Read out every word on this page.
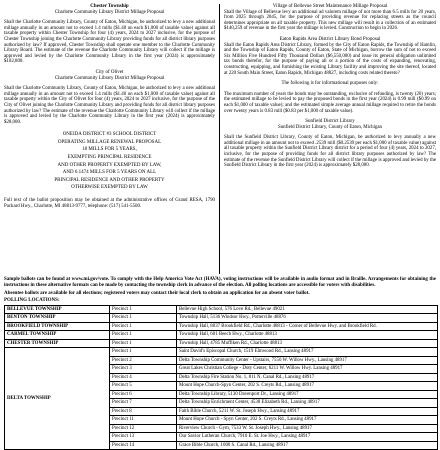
Chester Township

Charlotte Community Library District Millage Proposal

Shall the Charlotte Community Library, County of Eaton, Michigan, be authorized to levy a new additional millage annually in an amount not to exceed 1.4 mills ($1.40 on each $1,000 of taxable value) against all taxable property within Chester Township for four (4) years, 2024 to 2027 inclusive, for the purpose of Chester Township joining the Charlotte Community Library providing funds for all district library purposes authorized by law? If approved, Chester Township shall operate one member to the Charlotte Community Library Board. The estimate of the revenue the Charlotte Community Library will collect if the millage is approved and levied by the Charlotte Community Library in the first year (2024) is approximately $102,800.

City of Olivet

Charlotte Community Library District Millage Proposal

Shall the Charlotte Community Library, County of Eaton, Michigan, be authorized to levy a new additional millage annually in an amount not to exceed 1.4 mills ($1.40 on each $1,000 of taxable value) against all taxable property within the City of Olivet for four (4) years, 2024 to 2027 inclusive, for the purpose of the City of Olivet joining the Charlotte Community Library and providing funds for all district library purposes authorized by law? The estimate of the revenue the Charlotte Community Library will collect if the millage is approved and levied by the Charlotte Community Library in the first year (2024) is approximately $28,000.

ONEIDA DISTRICT #3 SCHOOL DISTRICT
OPERATING MILLAGE RENEWAL PROPOSAL
18 MILLS FOR 5 YEARS,
EXEMPTING PRINCIPAL RESIDENCE
AND OTHER PROPERTY EXEMPTED BY LAW,
AND 6.1474 MILLS FOR 5 YEARS ON ALL
PRINCIPAL RESIDENCE AND OTHER PROPERTY
OTHERWISE EXEMPTED BY LAW

Full text of the ballot proposition may be obtained at the administrative offices of Grand RESA, 1790 Packard Hwy., Charlotte, MI 48813-9777, telephone: (517) 541-5500.

Village of Bellevue Street Maintenance Millage Proposal

Shall the Village of Bellevue levy an additional ad valorem millage of not more than 6.5 mills for 20 years, from 2025 through 2045, for the purpose of providing revenue for replacing streets as the council determines appropriate on all taxable property. This new millage will result in a collection of an estimated $140,259 of revenue in the first year the millage is levied. Construction to begin in 2026.

Eaton Rapids Area District Library Bond Proposal

Shall the Eaton Rapids Area District Library, formed by the City of Eaton Rapids, the Township of Hamlin, and the Township of Eaton Rapids, County of Eaton, State of Michigan, borrow the sum of not to exceed Six Million Five Hundred Fifty Thousand Dollars ($6,550,000) and issue its general obligation unlimited tax bonds therefor, for the purpose of paying all or a portion of the costs of expanding, renovating, constructing, equipping, and furnishing the existing Library facility and improving the site thereof, located at 220 South Main Street, Eaton Rapids, Michigan 48827, including costs related thereto?

The following is for informational purposes only:

The maximum number of years the bonds may be outstanding, exclusive of refunding, is twenty (20) years; the estimated millage to be levied to pay the proposed bonds in the first year (2024) is 0.99 mill ($0.99 on each $1,000 of taxable value); and the estimated simple average annual millage required to retire the bonds over twenty years is 0.83 mill ($0.83 per $1,000 of taxable value).

Sunfield District Library

Sunfield District Library, County of Eaton, Michigan

Shall the Sunfield District Library, County of Eaton, Michigan, be authorized to levy annually a new additional millage in an amount not to exceed .2539 mill ($0.2539 per each $1,000 of taxable value) against all taxable property within the Sunfield District Library district for a period of four (4) years, 2024 to 2027, inclusive, for the purpose of providing funds for all district library purposes authorized by law? The estimate of the revenue the Sunfield District Library will collect if the millage is approved and levied by the Sunfield District Library in the first year (2024) is approximately $28,000.

Sample ballots can be found at www.mi.gov/vote. To comply with the Help America Vote Act (HAVA), voting instructions will be available in audio format and in Braille. Arrangements for obtaining the instructions in these alternative formats can be made by contacting the township clerk in advance of the election. All polling locations are accessible for voters with disabilities.

Absentee ballots are available for all elections; registered voters may contact their local clerk to obtain an application for an absent voter ballot.

POLLING LOCATIONS:
BELLEVUE TOWNSHIP	Precinct 1	Bellevue High School, 576 Love Rd., Bellevue 49021
BENTON TOWNSHIP	Precinct 1	Township Hall, 5136 Windsor Hwy., Potterville 48876
BROOKFIELD TOWNSHIP	Precinct 1	Township Hall, 8037 Brookfield Rd., Charlotte 48813 - Corner of Bellevue Hwy. and Brookfield Rd.
CARMEL TOWNSHIP	Precinct 1	Township Hall, 601 Beech Hwy., Charlotte 48813
CHESTER TOWNSHIP	Precinct 1	Township Hall, 4785 Muffiken Rd., Charlotte 48813
DELTA TOWNSHIP	Precinct 1	Saint David's Episcopal Church, 1519 Elmwood Rd., Lansing 48917
	Precinct 2	Delta Township Community Center - Upstairs, 7550 W. Willow Hwy., Lansing 48917
	Precinct 3	Great Lakes Christian College - Doty Center, 6211 W. Willow Hwy. Lansing 48917
	Precinct 4	Delta Township Fire Station No. 1, 811 N. Canal Rd., Lansing 48917
	Precinct 5	Mount Hope Church-Spyn Center, 202 S. Creyts Rd., Lansing 48917
	Precinct 6	Delta Township Library, 5130 Davenport Dr., Lansing 48917
	Precinct 7	Delta Township Enrichment Center, 4538 Elizabeth Rd., Lansing 48917
	Precinct 8	Faith Bible Church, 5211 W. St. Joseph Hwy., Lansing 48917
	Precinct 11	Mount Hope Church - Spyn Center, 202 S. Creyts Rd., Lansing 48917
	Precinct 12	Riverview Church - Gym, 7533 W. St. Joseph Hwy., Lansing 48917
	Precinct 13	Our Savior Lutheran Church, 7910 E. St. Joe Hwy., Lansing 48917
	Precinct 14	Grace Bible Church, 1000 S. Canal Rd., Lansing 48917
